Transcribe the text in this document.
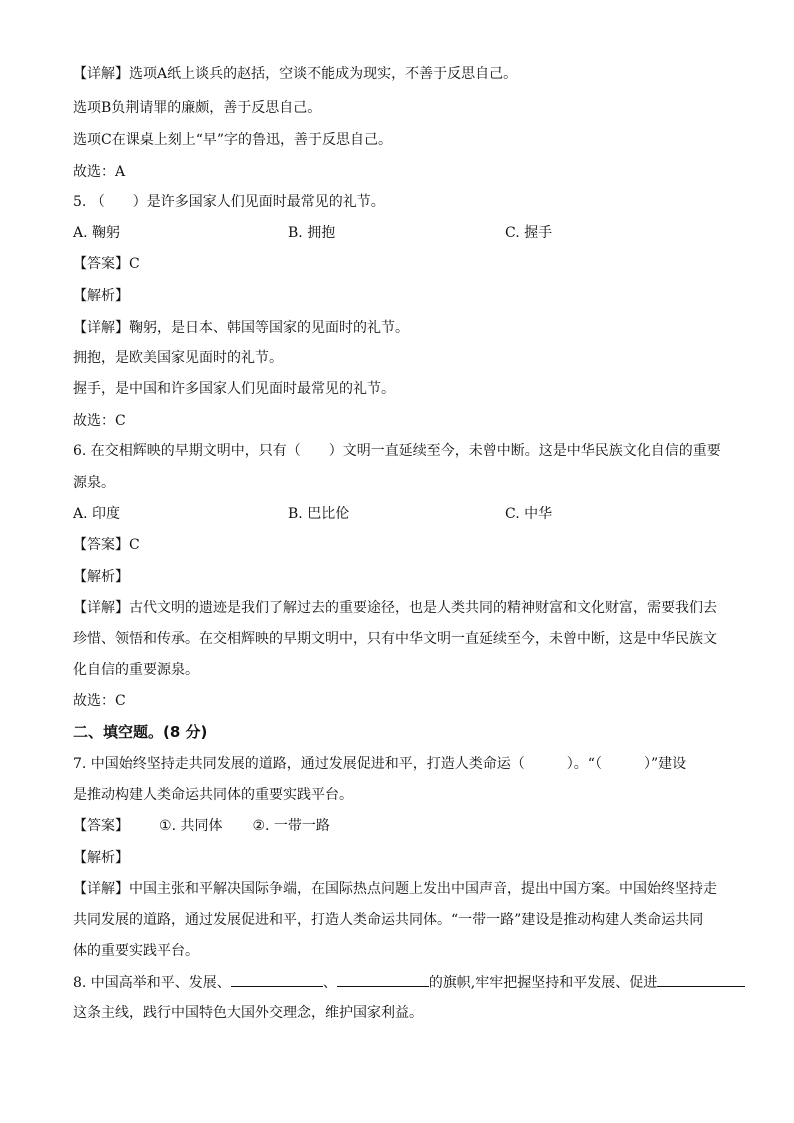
【详解】选项A纸上谈兵的赵括，空谈不能成为现实，不善于反思自己。
选项B负荆请罪的廉颇，善于反思自己。
选项C在课桌上刻上“早”字的鲁迅，善于反思自己。
故选：A
5. （　　）是许多国家人们见面时最常见的礼节。
A. 鞠躬	B. 拥抱	C. 握手
【答案】C
【解析】
【详解】鞠躬，是日本、韩国等国家的见面时的礼节。
拥抱，是欧美国家见面时的礼节。
握手，是中国和许多国家人们见面时最常见的礼节。
故选：C
6. 在交相辉映的早期文明中，只有（　　）文明一直延续至今，未曾中断。这是中华民族文化自信的重要
源泉。
A. 印度	B. 巴比伦	C. 中华
【答案】C
【解析】
【详解】古代文明的遗迹是我们了解过去的重要途径，也是人类共同的精神财富和文化财富，需要我们去
珍惜、领悟和传承。在交相辉映的早期文明中，只有中华文明一直延续至今，未曾中断，这是中华民族文
化自信的重要源泉。
故选：C
二、填空题。(8 分)
7. 中国始终坚持走共同发展的道路，通过发展促进和平，打造人类命运（　　　）。“（　　　）”建设
是推动构建人类命运共同体的重要实践平台。
【答案】 ①. 共同体 ②. 一带一路
【解析】
【详解】中国主张和平解决国际争端，在国际热点问题上发出中国声音，提出中国方案。中国始终坚持走
共同发展的道路，通过发展促进和平，打造人类命运共同体。“一带一路”建设是推动构建人类命运共同
体的重要实践平台。
8. 中国高举和平、发展、	、	的旗帜,牢牢把握坚持和平发展、促进
这条主线，践行中国特色大国外交理念，维护国家利益。
